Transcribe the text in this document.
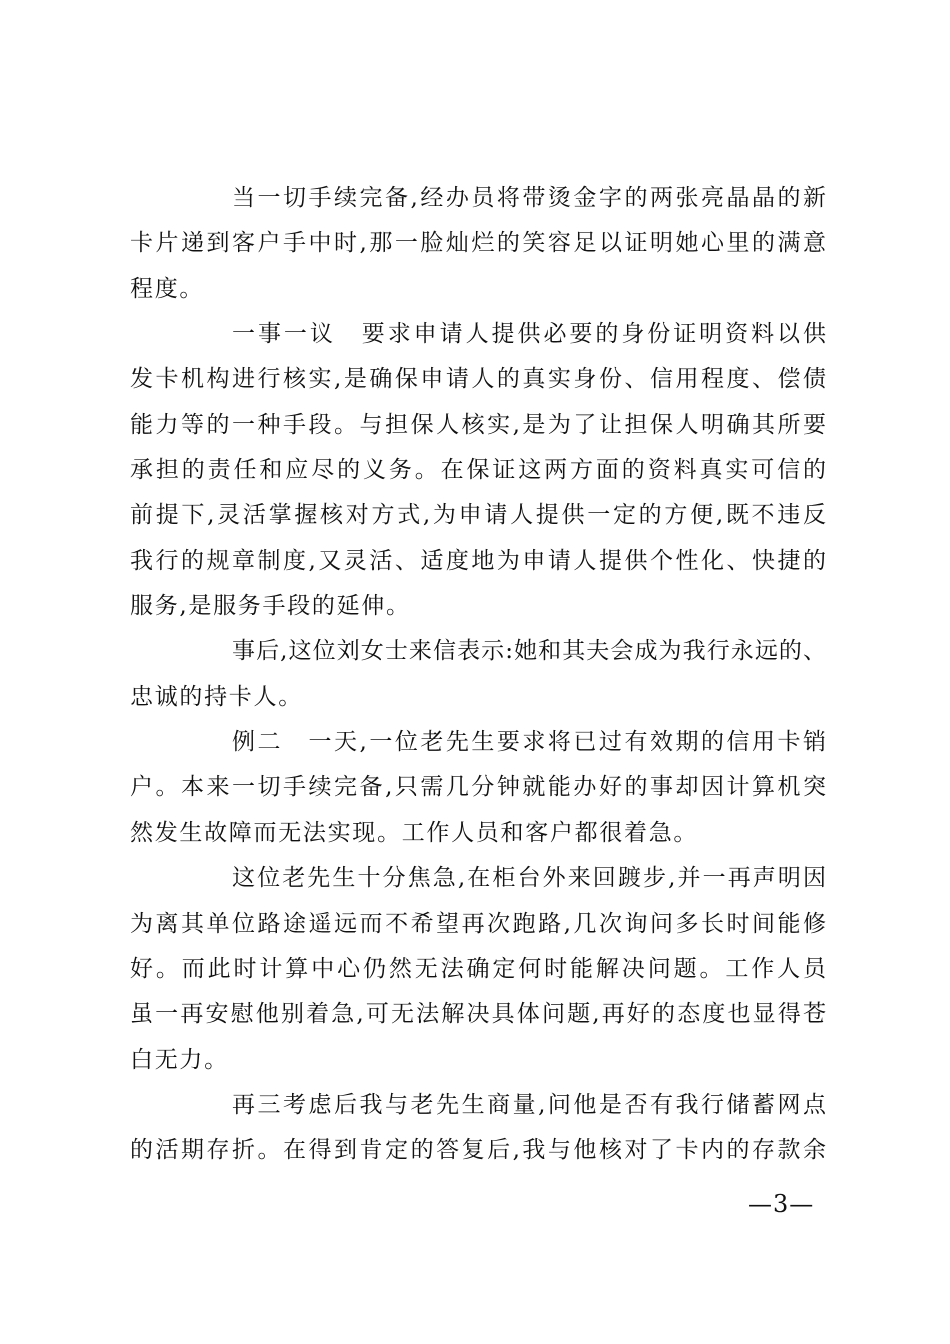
当一切手续完备,经办员将带烫金字的两张亮晶晶的新
卡片递到客户手中时,那一脸灿烂的笑容足以证明她心里的满意
程度。
一事一议　要求申请人提供必要的身份证明资料以供
发卡机构进行核实,是确保申请人的真实身份、信用程度、偿债
能力等的一种手段。与担保人核实,是为了让担保人明确其所要
承担的责任和应尽的义务。在保证这两方面的资料真实可信的
前提下,灵活掌握核对方式,为申请人提供一定的方便,既不违反
我行的规章制度,又灵活、适度地为申请人提供个性化、快捷的
服务,是服务手段的延伸。
事后,这位刘女士来信表示:她和其夫会成为我行永远的、
忠诚的持卡人。
例二　一天,一位老先生要求将已过有效期的信用卡销
户。本来一切手续完备,只需几分钟就能办好的事却因计算机突
然发生故障而无法实现。工作人员和客户都很着急。
这位老先生十分焦急,在柜台外来回踱步,并一再声明因
为离其单位路途遥远而不希望再次跑路,几次询问多长时间能修
好。而此时计算中心仍然无法确定何时能解决问题。工作人员
虽一再安慰他别着急,可无法解决具体问题,再好的态度也显得苍
白无力。
再三考虑后我与老先生商量,问他是否有我行储蓄网点
的活期存折。在得到肯定的答复后,我与他核对了卡内的存款余
—3—
